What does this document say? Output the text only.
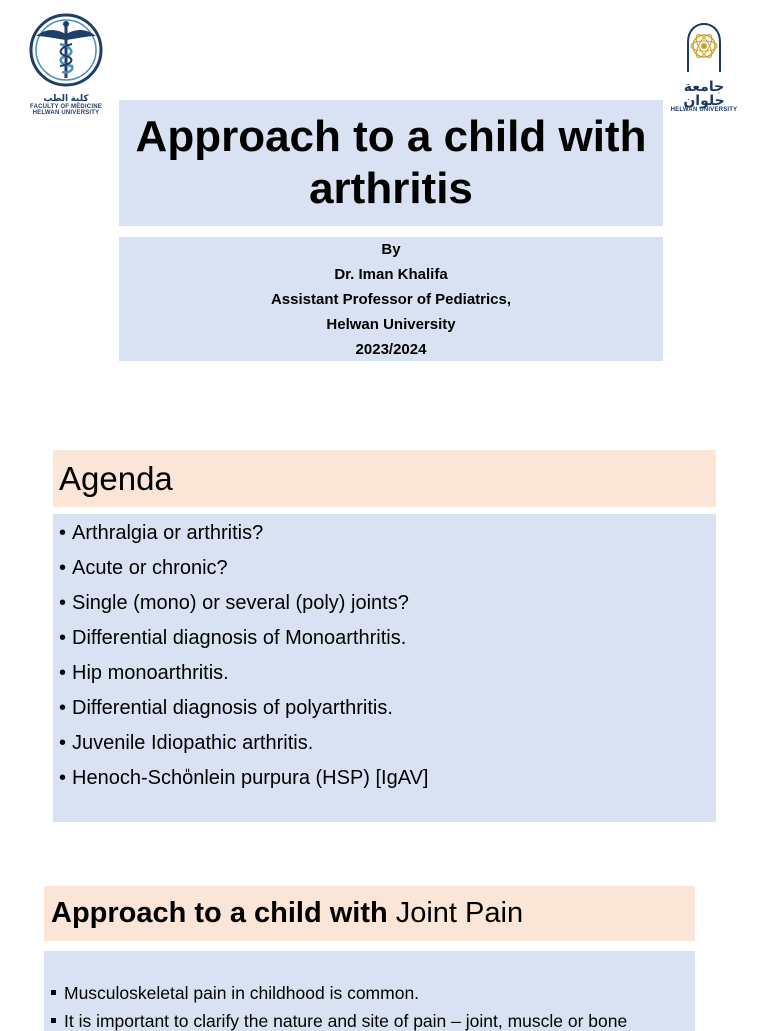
كلية الطب
FACULTY OF MEDICINE
HELWAN UNIVERSITY
جامعة حلوان
HELWAN UNIVERSITY
Approach to a child with arthritis
By
Dr. Iman Khalifa
Assistant Professor of Pediatrics,
Helwan University
2023/2024
Agenda
• Arthralgia or arthritis?
• Acute or chronic?
• Single (mono) or several (poly) joints?
• Differential diagnosis of Monoarthritis.
• Hip monoarthritis.
• Differential diagnosis of polyarthritis.
• Juvenile Idiopathic arthritis.
• Henoch-Scho̎nlein purpura (HSP) [IgAV]
Approach to a child with Joint Pain
Musculoskeletal pain in childhood is common.
It is important to clarify the nature and site of pain – joint, muscle or bone
